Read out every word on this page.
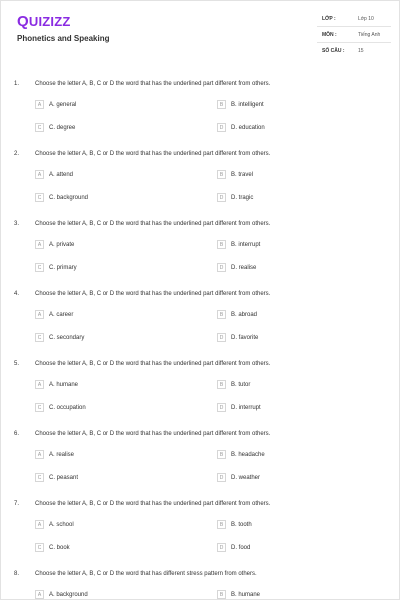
QUIZIZZ
Phonetics and Speaking
LỚP :	Lớp 10
MÔN :	Tiếng Anh
SỐ CÂU :	15
1.	Choose the letter A, B, C or D the word that has the underlined part different from others.
A	A. general	B	B. intelligent
C	C. degree	D	D. education
2.	Choose the letter A, B, C or D the word that has the underlined part different from others.
A	A. attend	B	B. travel
C	C. background	D	D. tragic
3.	Choose the letter A, B, C or D the word that has the underlined part different from others.
A	A. private	B	B. interrupt
C	C. primary	D	D. realise
4.	Choose the letter A, B, C or D the word that has the underlined part different from others.
A	A. career	B	B. abroad
C	C. secondary	D	D. favorite
5.	Choose the letter A, B, C or D the word that has the underlined part different from others.
A	A. humane	B	B. tutor
C	C. occupation	D	D. interrupt
6.	Choose the letter A, B, C or D the word that has the underlined part different from others.
A	A. realise	B	B. headache
C	C. peasant	D	D. weather
7.	Choose the letter A, B, C or D the word that has the underlined part different from others.
A	A. school	B	B. tooth
C	C. book	D	D. food
8.	Choose the letter A, B, C or D the word that has different stress pattern from others.
A	A. background	B	B. humane
